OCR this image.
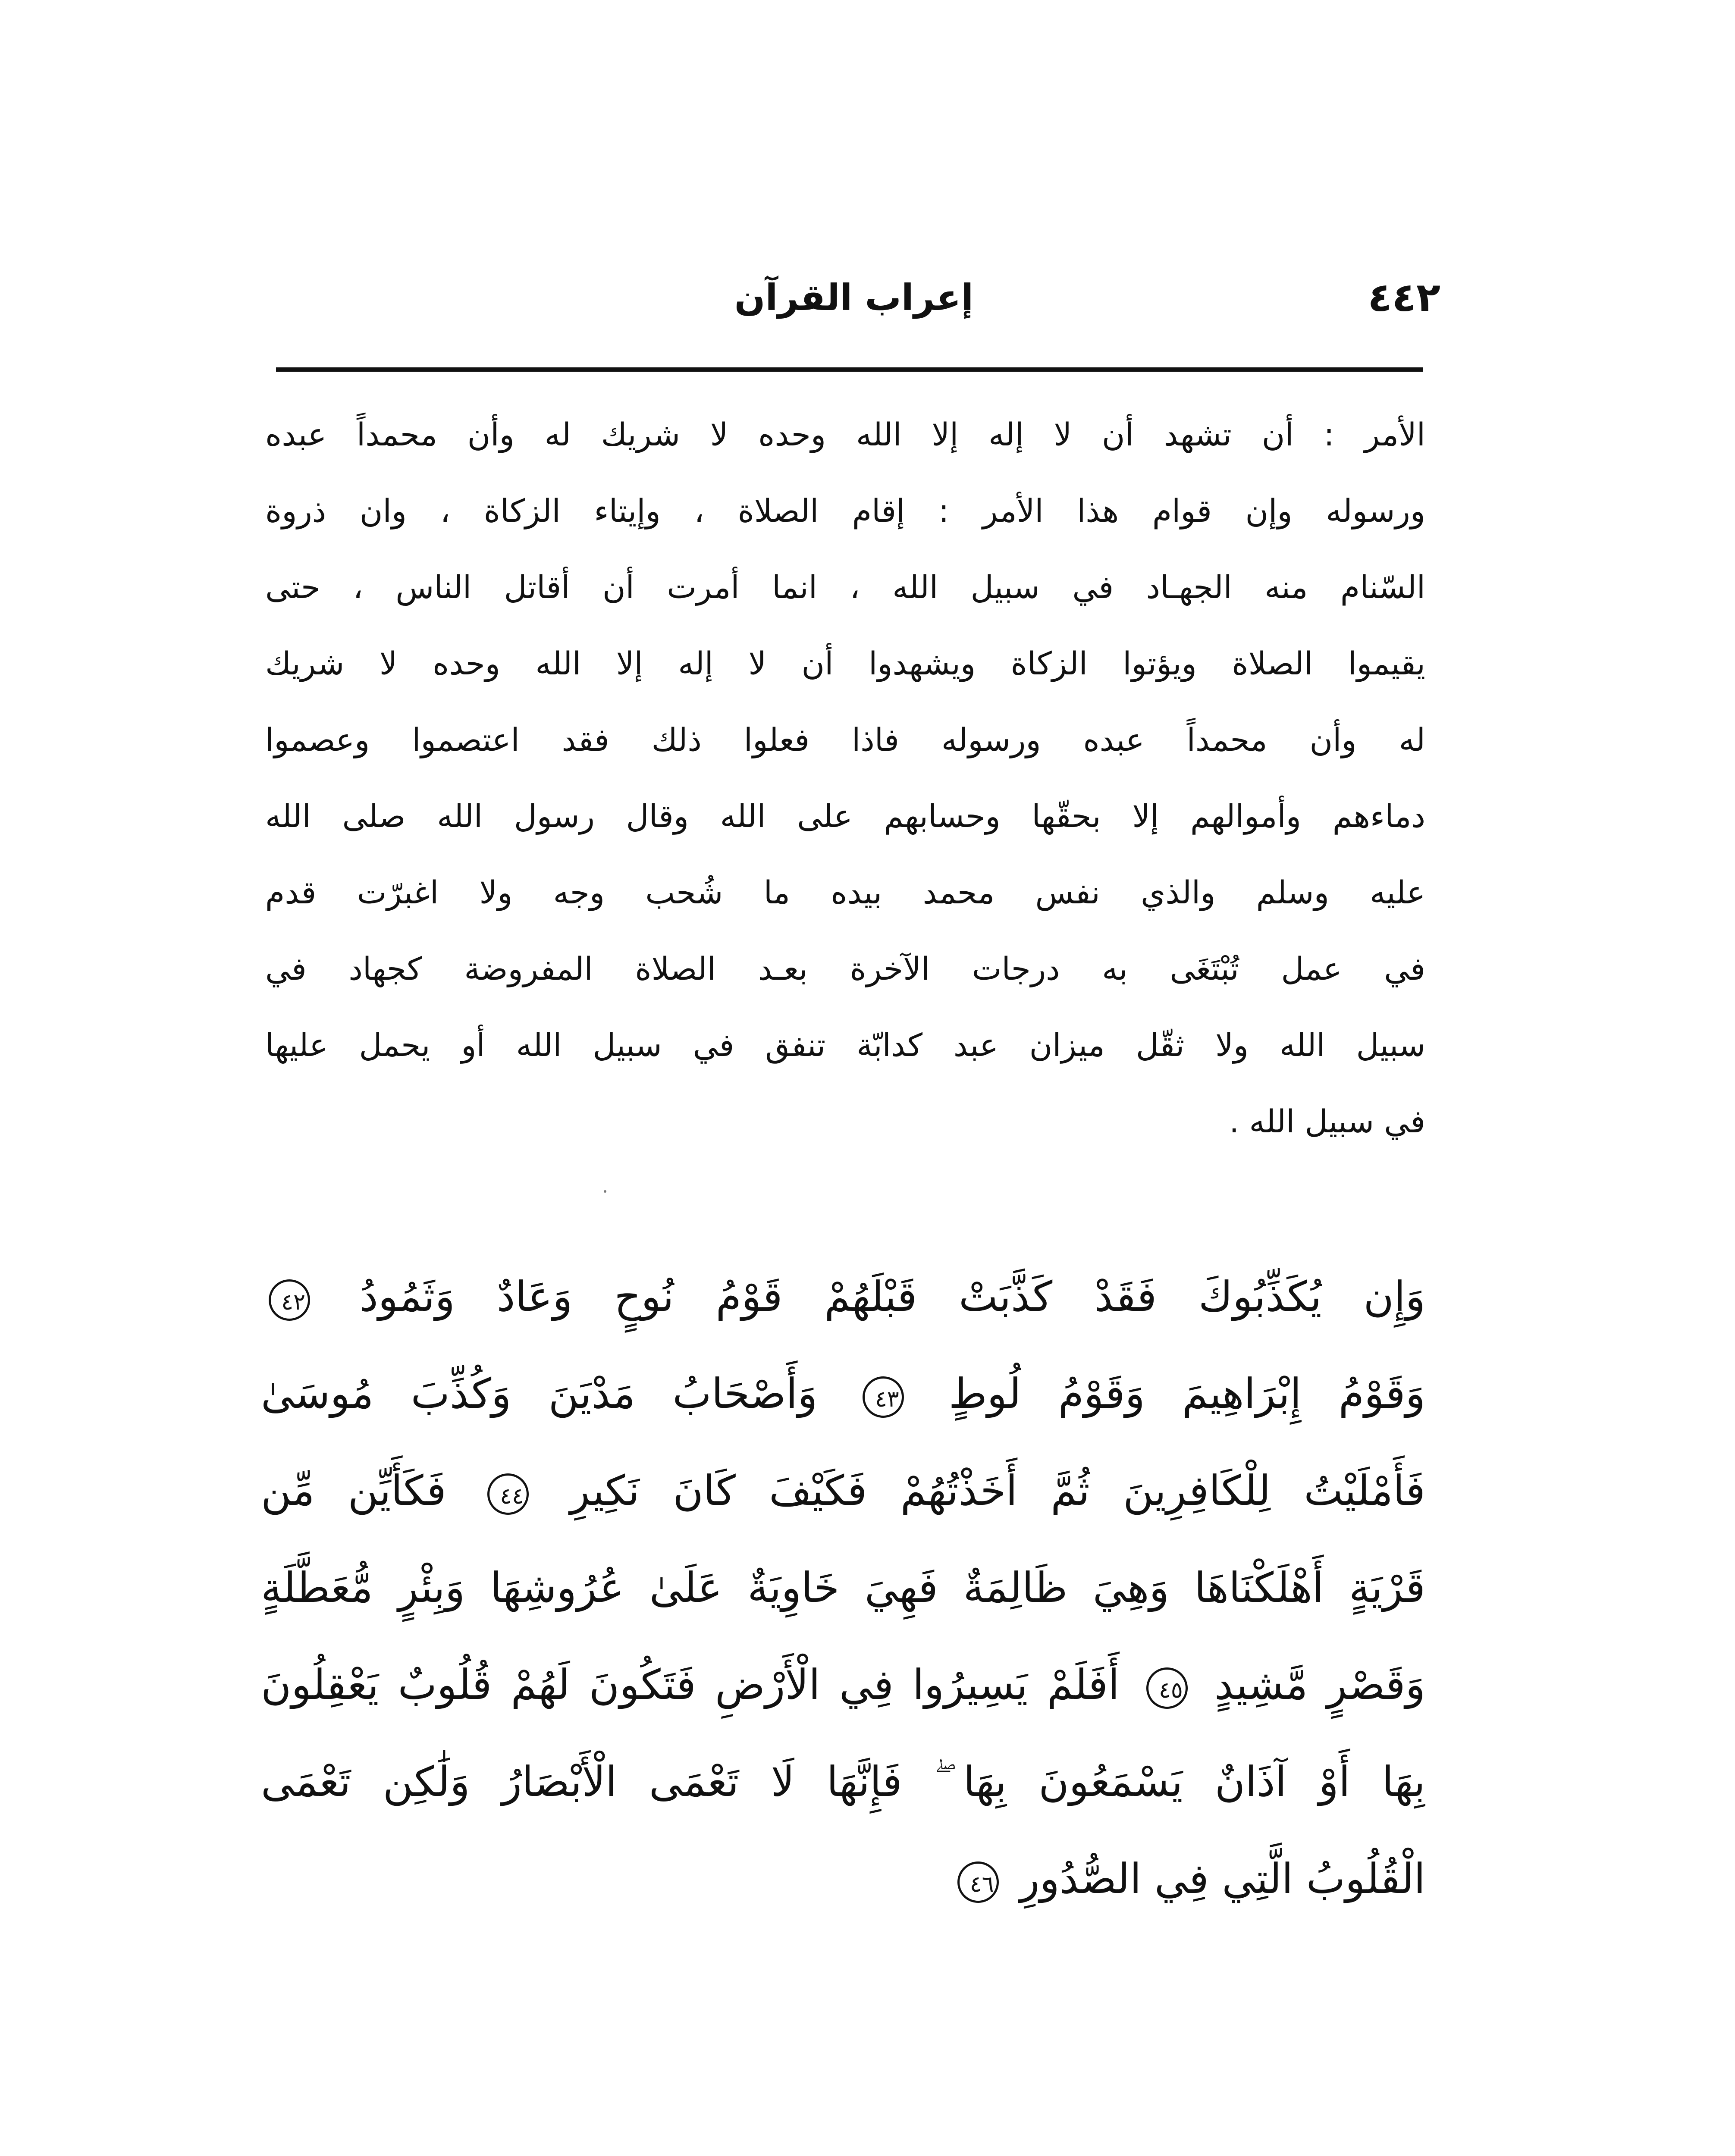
٤٤٢
إعراب القرآن
الأمر : أن تشهد أن لا إله إلا الله وحده لا شريك له وأن محمداً عبده
ورسوله وإن قوام هذا الأمر : إقام الصلاة ، وإيتاء الزكاة ، وان ذروة
السّنام منه الجهـاد في سبيل الله ، انما أمرت أن أقاتل الناس ، حتى
يقيموا الصلاة ويؤتوا الزكاة ويشهدوا أن لا إله إلا الله وحده لا شريك
له وأن محمداً عبده ورسوله فاذا فعلوا ذلك فقد اعتصموا وعصموا
دماءهم وأموالهم إلا بحقّها وحسابهم على الله وقال رسول الله صلى الله
عليه وسلم والذي نفس محمد بيده ما شُحب وجه ولا اغبرّت قدم
في عمل تُبْتَغَى به درجات الآخرة بعـد الصلاة المفروضة كجهاد في
سبيل الله ولا ثقّل ميزان عبد كدابّة تنفق في سبيل الله أو يحمل عليها
في سبيل الله .
وَإِن يُكَذِّبُوكَ فَقَدْ كَذَّبَتْ قَبْلَهُمْ قَوْمُ نُوحٍ وَعَادٌ وَثَمُودُ ٤٢
وَقَوْمُ إِبْرَاهِيمَ وَقَوْمُ لُوطٍ ٤٣ وَأَصْحَابُ مَدْيَنَ وَكُذِّبَ مُوسَىٰ
فَأَمْلَيْتُ لِلْكَافِرِينَ ثُمَّ أَخَذْتُهُمْ فَكَيْفَ كَانَ نَكِيرِ ٤٤ فَكَأَيِّن مِّن
قَرْيَةٍ أَهْلَكْنَاهَا وَهِيَ ظَالِمَةٌ فَهِيَ خَاوِيَةٌ عَلَىٰ عُرُوشِهَا وَبِئْرٍ مُّعَطَّلَةٍ
وَقَصْرٍ مَّشِيدٍ ٤٥ أَفَلَمْ يَسِيرُوا فِي الْأَرْضِ فَتَكُونَ لَهُمْ قُلُوبٌ يَعْقِلُونَ
بِهَا أَوْ آذَانٌ يَسْمَعُونَ بِهَا ۖ فَإِنَّهَا لَا تَعْمَى الْأَبْصَارُ وَلَٰكِن تَعْمَى
الْقُلُوبُ الَّتِي فِي الصُّدُورِ ٤٦
